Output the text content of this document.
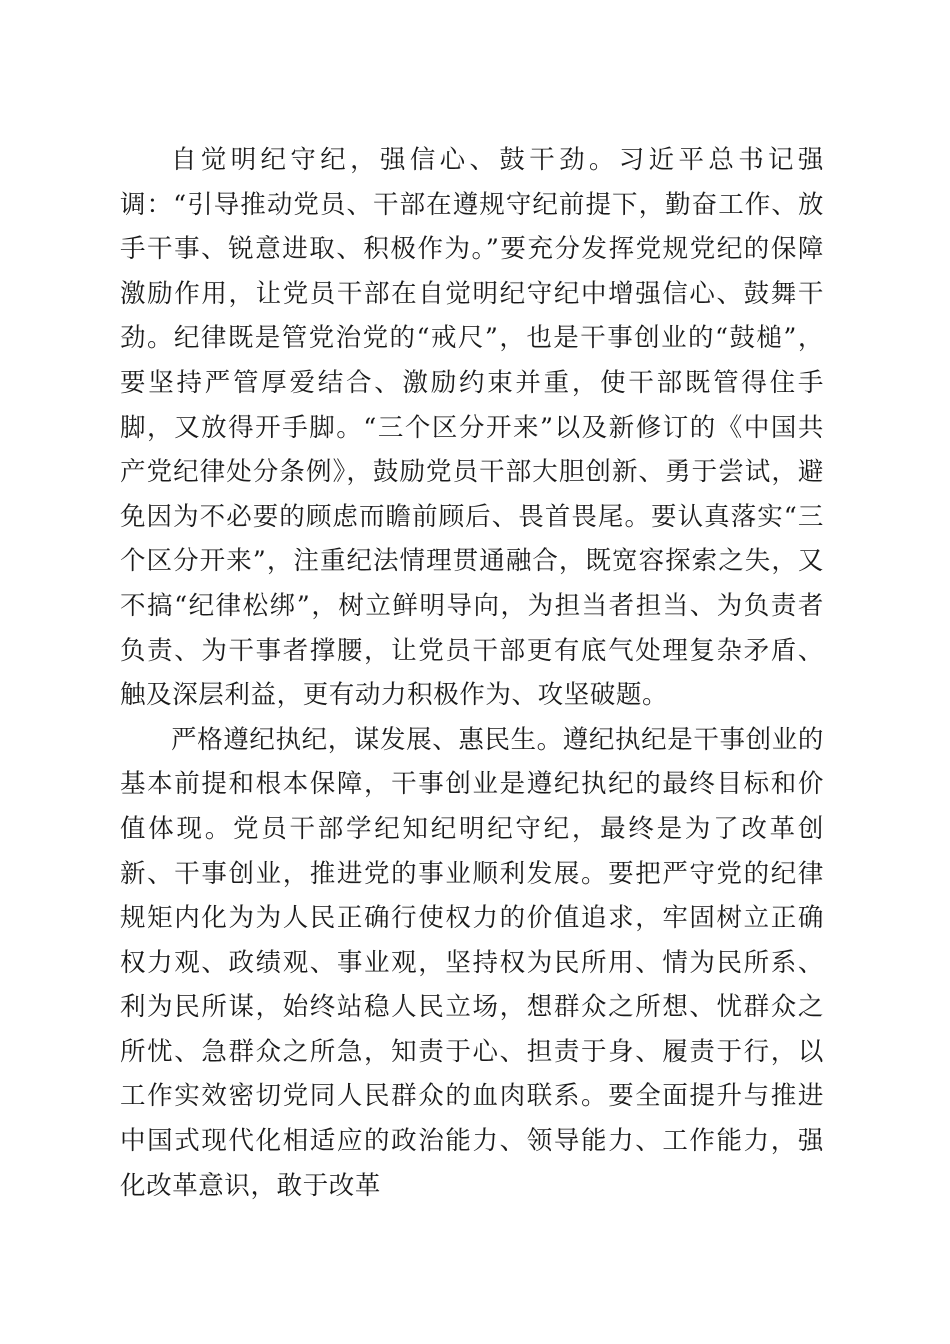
自觉明纪守纪，强信心、鼓干劲。习近平总书记强调：“引导推动党员、干部在遵规守纪前提下，勤奋工作、放手干事、锐意进取、积极作为。”要充分发挥党规党纪的保障激励作用，让党员干部在自觉明纪守纪中增强信心、鼓舞干劲。纪律既是管党治党的“戒尺”，也是干事创业的“鼓槌”，要坚持严管厚爱结合、激励约束并重，使干部既管得住手脚，又放得开手脚。“三个区分开来”以及新修订的《中国共产党纪律处分条例》，鼓励党员干部大胆创新、勇于尝试，避免因为不必要的顾虑而瞻前顾后、畏首畏尾。要认真落实“三个区分开来”，注重纪法情理贯通融合，既宽容探索之失，又不搞“纪律松绑”，树立鲜明导向，为担当者担当、为负责者负责、为干事者撑腰，让党员干部更有底气处理复杂矛盾、触及深层利益，更有动力积极作为、攻坚破题。

严格遵纪执纪，谋发展、惠民生。遵纪执纪是干事创业的基本前提和根本保障，干事创业是遵纪执纪的最终目标和价值体现。党员干部学纪知纪明纪守纪，最终是为了改革创新、干事创业，推进党的事业顺利发展。要把严守党的纪律规矩内化为为人民正确行使权力的价值追求，牢固树立正确权力观、政绩观、事业观，坚持权为民所用、情为民所系、利为民所谋，始终站稳人民立场，想群众之所想、忧群众之所忧、急群众之所急，知责于心、担责于身、履责于行，以工作实效密切党同人民群众的血肉联系。要全面提升与推进中国式现代化相适应的政治能力、领导能力、工作能力，强化改革意识，敢于改革
